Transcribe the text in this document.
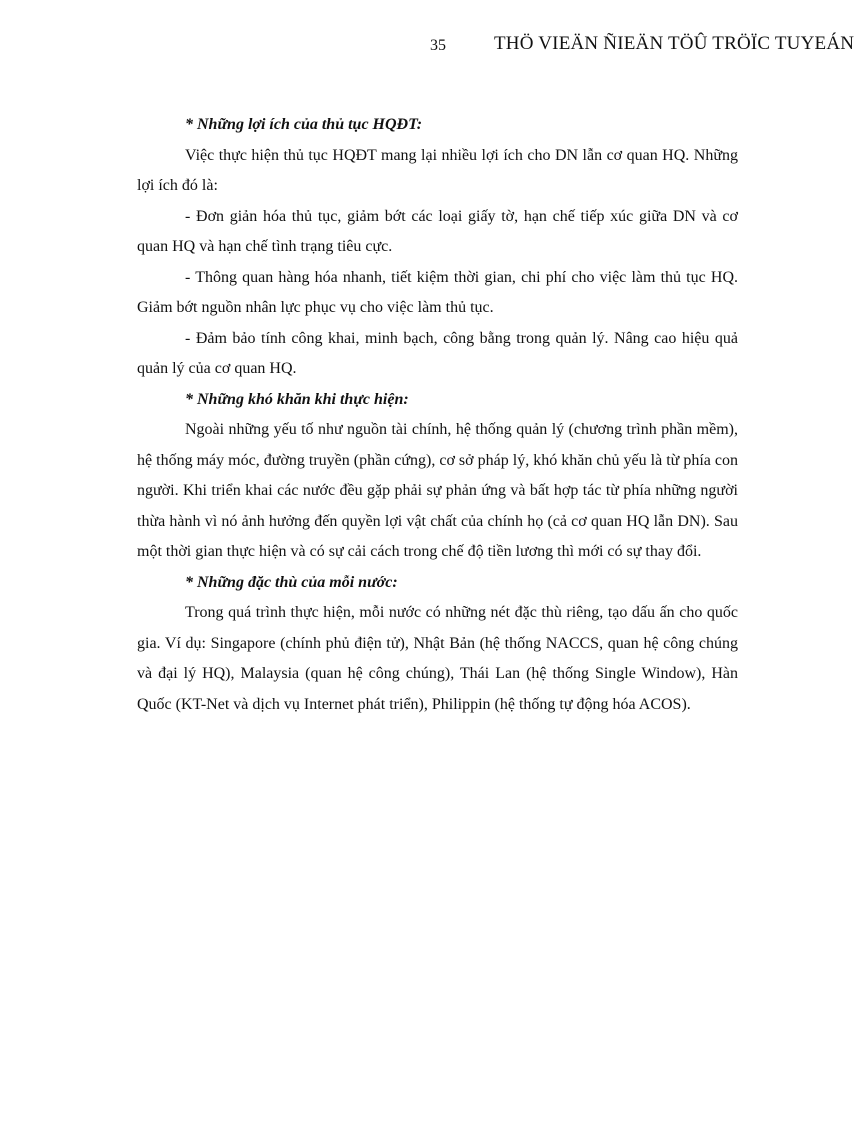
35	THÖ VIEÄN ÑIEÄN TÖÛ TRÖÏC TUYEÁN

* Những lợi ích của thủ tục HQĐT:

Việc thực hiện thủ tục HQĐT mang lại nhiều lợi ích cho DN lẫn cơ quan HQ. Những lợi ích đó là:

- Đơn giản hóa thủ tục, giảm bớt các loại giấy tờ, hạn chế tiếp xúc giữa DN và cơ quan HQ và hạn chế tình trạng tiêu cực.

- Thông quan hàng hóa nhanh, tiết kiệm thời gian, chi phí cho việc làm thủ tục HQ. Giảm bớt nguồn nhân lực phục vụ cho việc làm thủ tục.

- Đảm bảo tính công khai, minh bạch, công bằng trong quản lý. Nâng cao hiệu quả quản lý của cơ quan HQ.

* Những khó khăn khi thực hiện:

Ngoài những yếu tố như nguồn tài chính, hệ thống quản lý (chương trình phần mềm), hệ thống máy móc, đường truyền (phần cứng), cơ sở pháp lý, khó khăn chủ yếu là từ phía con người. Khi triển khai các nước đều gặp phải sự phản ứng và bất hợp tác từ phía những người thừa hành vì nó ảnh hưởng đến quyền lợi vật chất của chính họ (cả cơ quan HQ lẫn DN). Sau một thời gian thực hiện và có sự cải cách trong chế độ tiền lương thì mới có sự thay đổi.

* Những đặc thù của mỗi nước:

Trong quá trình thực hiện, mỗi nước có những nét đặc thù riêng, tạo dấu ấn cho quốc gia. Ví dụ: Singapore (chính phủ điện tử), Nhật Bản (hệ thống NACCS, quan hệ công chúng và đại lý HQ), Malaysia (quan hệ công chúng), Thái Lan (hệ thống Single Window), Hàn Quốc (KT-Net và dịch vụ Internet phát triển), Philippin (hệ thống tự động hóa ACOS).
